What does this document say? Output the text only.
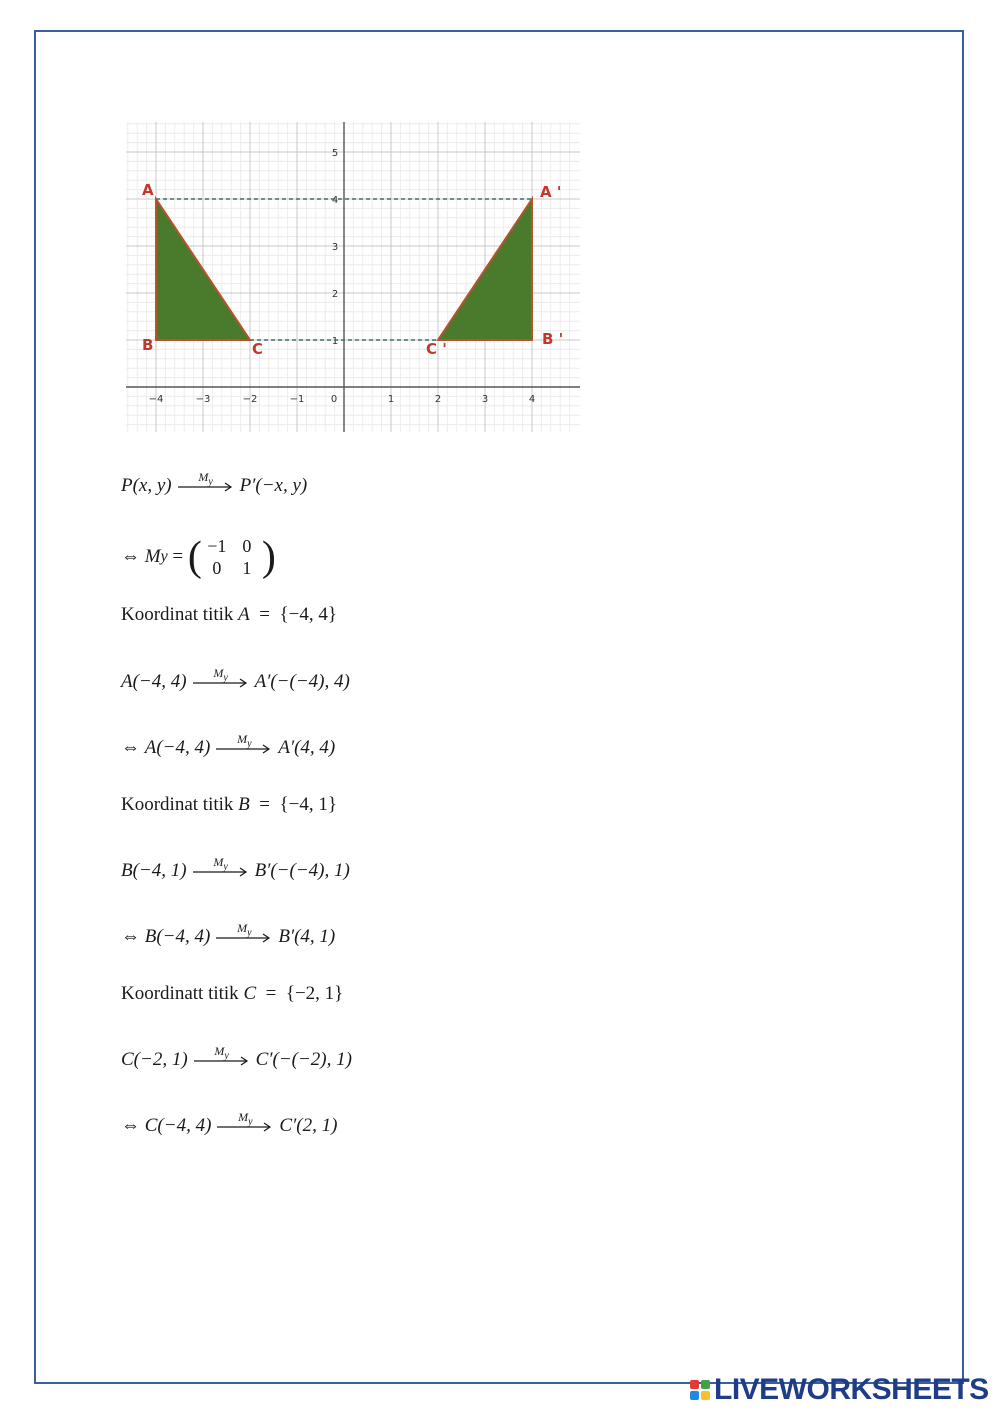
−4	−3	−2	−1	0	1	2	3	4
1
2
3
4
5
A
B	C
A '
B '
C '
P(x, y)	$M_y$	P′(−x, y)
⇔
M y = ( −1 0
0	1 )
Koordinat titik A  =  {−4, 4}
A(−4, 4)	$M_y$	A′(−(−4), 4)
⇔ A(−4, 4)	$M_y$	A′(4, 4)
Koordinat titik B  =  {−4, 1}
B(−4, 1)	$M_y$	B′(−(−4), 1)
⇔ B(−4, 4)	$M_y$	B′(4, 1)
Koordinatt titik C  =  {−2, 1}
C(−2, 1)	$M_y$	C′(−(−2), 1)
⇔ C(−4, 4)	$M_y$	C′(2, 1)
LIVEWORKSHEETS
